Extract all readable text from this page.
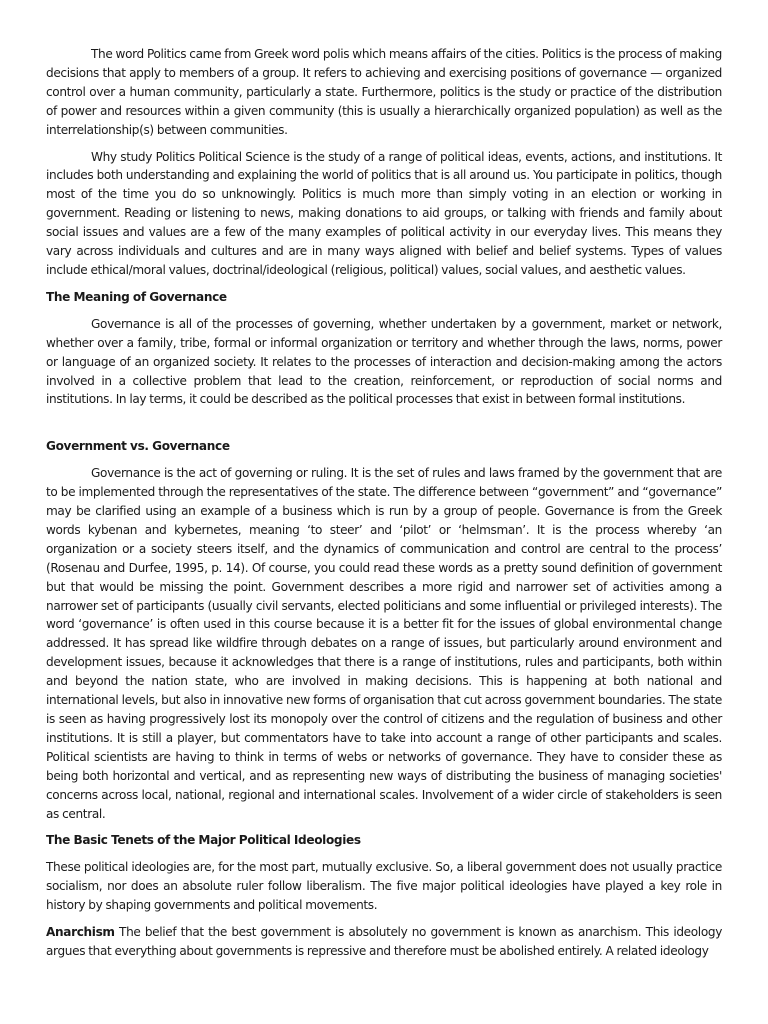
The word Politics came from Greek word polis which means affairs of the cities. Politics is the process of making decisions that apply to members of a group. It refers to achieving and exercising positions of governance — organized control over a human community, particularly a state. Furthermore, politics is the study or practice of the distribution of power and resources within a given community (this is usually a hierarchically organized population) as well as the interrelationship(s) between communities.

Why study Politics Political Science is the study of a range of political ideas, events, actions, and institutions. It includes both understanding and explaining the world of politics that is all around us. You participate in politics, though most of the time you do so unknowingly. Politics is much more than simply voting in an election or working in government. Reading or listening to news, making donations to aid groups, or talking with friends and family about social issues and values are a few of the many examples of political activity in our everyday lives. This means they vary across individuals and cultures and are in many ways aligned with belief and belief systems. Types of values include ethical/moral values, doctrinal/ideological (religious, political) values, social values, and aesthetic values.

The Meaning of Governance

Governance is all of the processes of governing, whether undertaken by a government, market or network, whether over a family, tribe, formal or informal organization or territory and whether through the laws, norms, power or language of an organized society. It relates to the processes of interaction and decision-making among the actors involved in a collective problem that lead to the creation, reinforcement, or reproduction of social norms and institutions. In lay terms, it could be described as the political processes that exist in between formal institutions.

Government vs. Governance

Governance is the act of governing or ruling. It is the set of rules and laws framed by the government that are to be implemented through the representatives of the state. The difference between “government” and “governance” may be clarified using an example of a business which is run by a group of people. Governance is from the Greek words kybenan and kybernetes, meaning ‘to steer’ and ‘pilot’ or ‘helmsman’. It is the process whereby ‘an organization or a society steers itself, and the dynamics of communication and control are central to the process’ (Rosenau and Durfee, 1995, p. 14). Of course, you could read these words as a pretty sound definition of government but that would be missing the point. Government describes a more rigid and narrower set of activities among a narrower set of participants (usually civil servants, elected politicians and some influential or privileged interests). The word ‘governance’ is often used in this course because it is a better fit for the issues of global environmental change addressed. It has spread like wildfire through debates on a range of issues, but particularly around environment and development issues, because it acknowledges that there is a range of institutions, rules and participants, both within and beyond the nation state, who are involved in making decisions. This is happening at both national and international levels, but also in innovative new forms of organisation that cut across government boundaries. The state is seen as having progressively lost its monopoly over the control of citizens and the regulation of business and other institutions. It is still a player, but commentators have to take into account a range of other participants and scales. Political scientists are having to think in terms of webs or networks of governance. They have to consider these as being both horizontal and vertical, and as representing new ways of distributing the business of managing societies' concerns across local, national, regional and international scales. Involvement of a wider circle of stakeholders is seen as central.

The Basic Tenets of the Major Political Ideologies

These political ideologies are, for the most part, mutually exclusive. So, a liberal government does not usually practice socialism, nor does an absolute ruler follow liberalism. The five major political ideologies have played a key role in history by shaping governments and political movements.

Anarchism The belief that the best government is absolutely no government is known as anarchism. This ideology argues that everything about governments is repressive and therefore must be abolished entirely. A related ideology
